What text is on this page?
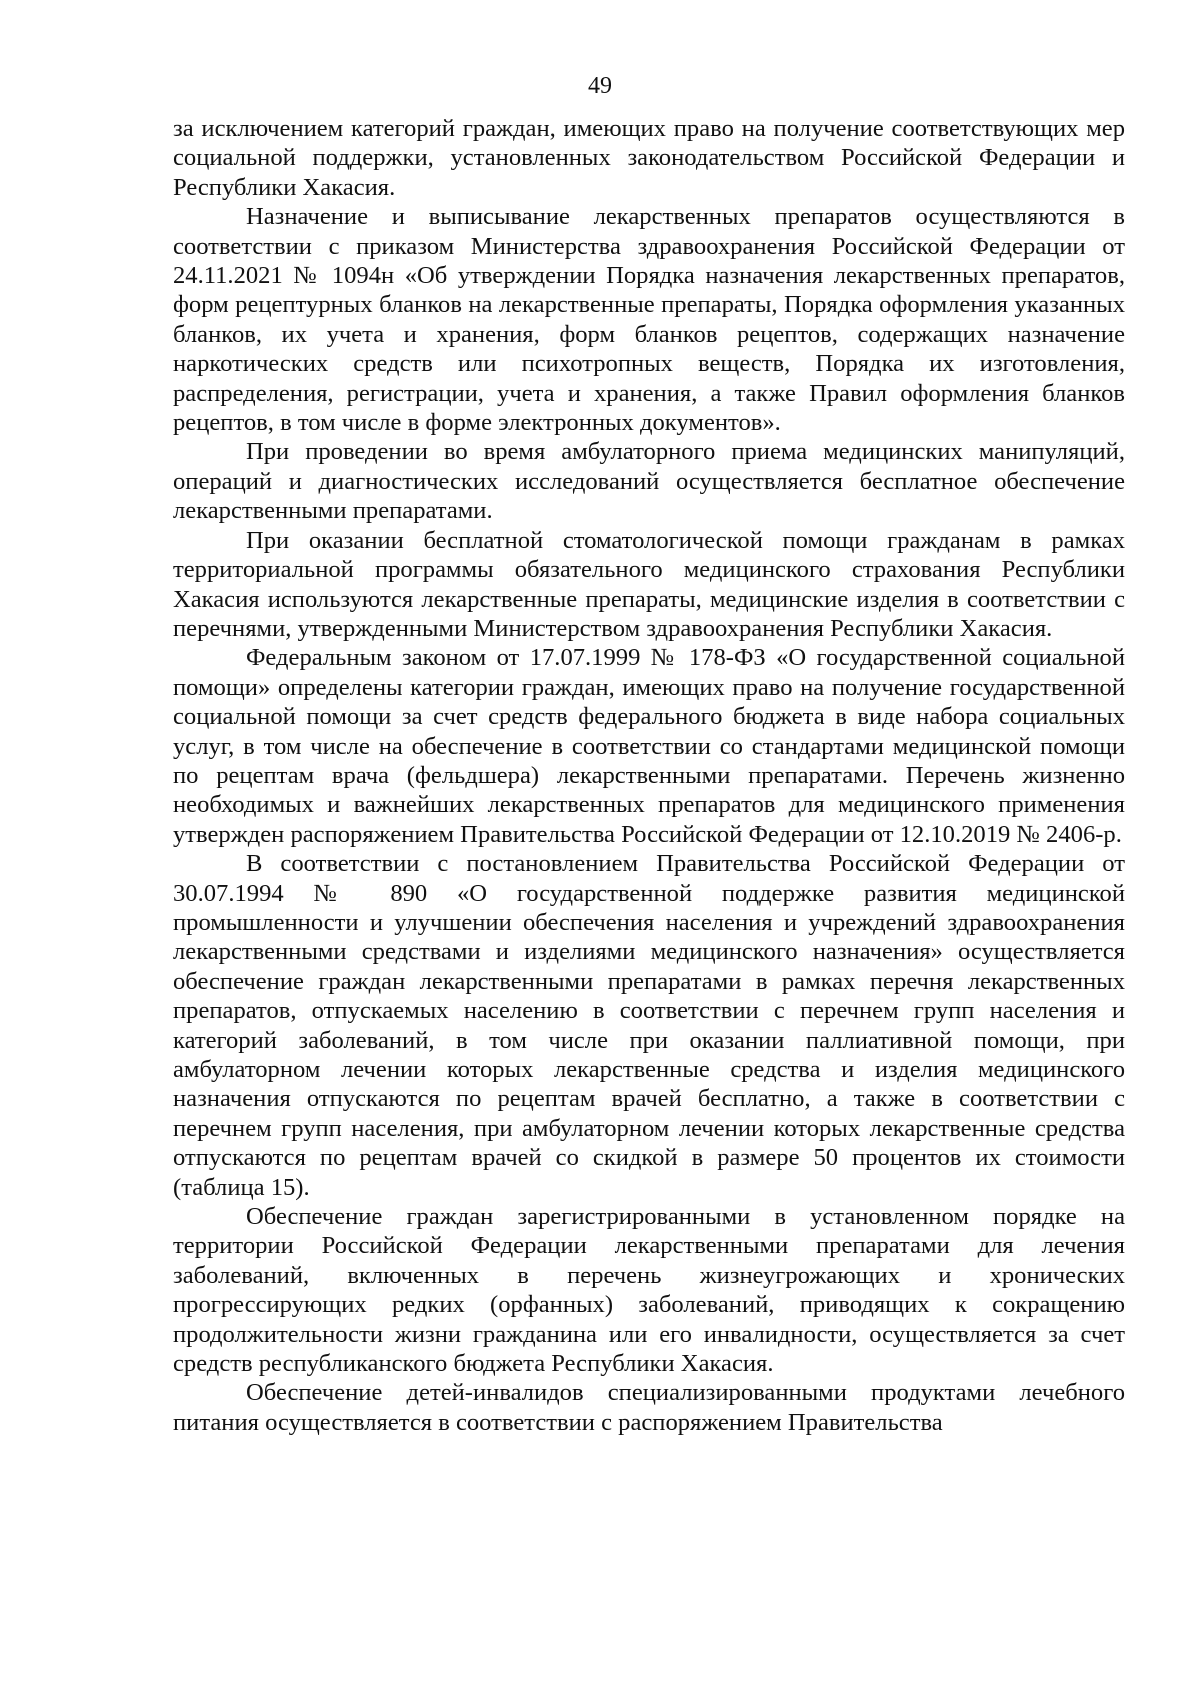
49

за исключением категорий граждан, имеющих право на получение соответствующих мер социальной поддержки, установленных законодательством Российской Федерации и Республики Хакасия.

Назначение и выписывание лекарственных препаратов осуществляются в соответствии с приказом Министерства здравоохранения Российской Федерации от 24.11.2021 № 1094н «Об утверждении Порядка назначения лекарственных препаратов, форм рецептурных бланков на лекарственные препараты, Порядка оформления указанных бланков, их учета и хранения, форм бланков рецептов, содержащих назначение наркотических средств или психотропных веществ, Порядка их изготовления, распределения, регистрации, учета и хранения, а также Правил оформления бланков рецептов, в том числе в форме электронных документов».

При проведении во время амбулаторного приема медицинских манипуляций, операций и диагностических исследований осуществляется бесплатное обеспечение лекарственными препаратами.

При оказании бесплатной стоматологической помощи гражданам в рамках территориальной программы обязательного медицинского страхования Республики Хакасия используются лекарственные препараты, медицинские изделия в соответствии с перечнями, утвержденными Министерством здравоохранения Республики Хакасия.

Федеральным законом от 17.07.1999 № 178-ФЗ «О государственной социальной помощи» определены категории граждан, имеющих право на получение государственной социальной помощи за счет средств федерального бюджета в виде набора социальных услуг, в том числе на обеспечение в соответствии со стандартами медицинской помощи по рецептам врача (фельдшера) лекарственными препаратами. Перечень жизненно необходимых и важнейших лекарственных препаратов для медицинского применения утвержден распоряжением Правительства Российской Федерации от 12.10.2019 № 2406-р.

В соответствии с постановлением Правительства Российской Федерации от 30.07.1994 № 890 «О государственной поддержке развития медицинской промышленности и улучшении обеспечения населения и учреждений здравоохранения лекарственными средствами и изделиями медицинского назначения» осуществляется обеспечение граждан лекарственными препаратами в рамках перечня лекарственных препаратов, отпускаемых населению в соответствии с перечнем групп населения и категорий заболеваний, в том числе при оказании паллиативной помощи, при амбулаторном лечении которых лекарственные средства и изделия медицинского назначения отпускаются по рецептам врачей бесплатно, а также в соответствии с перечнем групп населения, при амбулаторном лечении которых лекарственные средства отпускаются по рецептам врачей со скидкой в размере 50 процентов их стоимости (таблица 15).

Обеспечение граждан зарегистрированными в установленном порядке на территории Российской Федерации лекарственными препаратами для лечения заболеваний, включенных в перечень жизнеугрожающих и хронических прогрессирующих редких (орфанных) заболеваний, приводящих к сокращению продолжительности жизни гражданина или его инвалидности, осуществляется за счет средств республиканского бюджета Республики Хакасия.

Обеспечение детей-инвалидов специализированными продуктами лечебного питания осуществляется в соответствии с распоряжением Правительства
